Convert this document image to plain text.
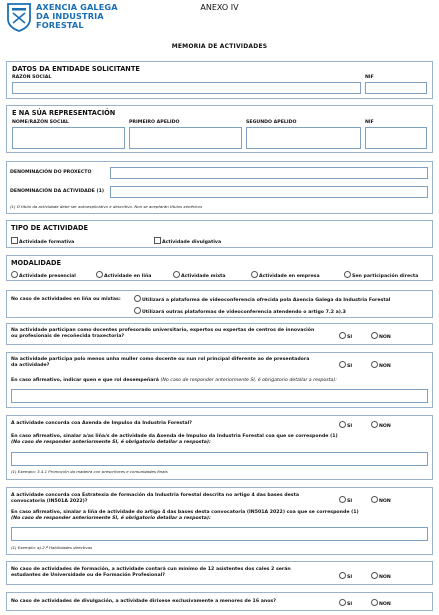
AXENCIA GALEGA
DA INDUSTRIA
FORESTAL
ANEXO IV
MEMORIA DE ACTIVIDADES
DATOS DA ENTIDADE SOLICITANTE
RAZÓN SOCIAL	NIF
E NA SÚA REPRESENTACIÓN
NOME/RAZÓN SOCIAL	PRIMEIRO APELIDO	SEGUNDO APELIDO	NIF
DENOMINACIÓN DO PROXECTO
DENOMINACIÓN DA ACTIVIDADE (1)
(1) O título da actividade debe ser autoexplicativo e descritivo. Non se aceptarán títulos xenéricos
TIPO DE ACTIVIDADE
Actividade formativa	Actividade divulgativa
MODALIDADE
Actividade presencial	Actividade en liña	Actividade mixta	Actividade en empresa	Sen participación directa
No caso de actividades en liña ou mixtas:	Utilizará a plataforma de videoconferencia ofrecida pola Axencia Galega da Industria Forestal
Utilizará outras plataformas de videoconferencia atendendo o artigo 7.2 a).3
Na actividade participan como docentes profesorado universitario, expertos ou expertas de centros de innovación ou profesionais de recoñecida traxectoria?	SI	NON
Na actividade participa polo menos unha muller como docente ou nun rol principal diferente ao de presentadora da actividade?	SI	NON
En caso afirmativo, indicar quen e que rol desempeñará (No caso de responder anteriormente SI, é obrigatorio detallar a resposta):
A actividade concorda coa Axenda de Impulso da Industria Forestal?
SI	NON
En caso afirmativo, sinalar a/as liña/s de actividade da Axenda de Impulso da Industria Forestal coa que se corresponde (1)
(No caso de responder anteriormente SI, é obrigatorio detallar a resposta):
(1) Exemplo: 3.4.1 Promoción da madeira con prescritores e comunidades finais
A actividade concorda coa Estratexia de formación da Industria forestal descrita no artigo 4 das bases desta convocatoria (IN501A 2022)?	SI	NON
En caso afirmativo, sinalar a liña de actividade do artigo 4 das bases desta convocatoria (IN501A 2022) coa que se corresponde (1)
(No caso de responder anteriormente SI, é obrigatorio detallar a resposta):
(1) Exemplo: a).2.ª Habilidades directivas
No caso de actividades de formación, a actividade contará cun mínimo de 12 asistentes dos cales 2 serán estudantes de Universidade ou de Formación Profesional?	SI	NON
No caso de actividades de divulgación, a actividade dirixese exclusivamente a menores de 16 anos?
SI	NON
